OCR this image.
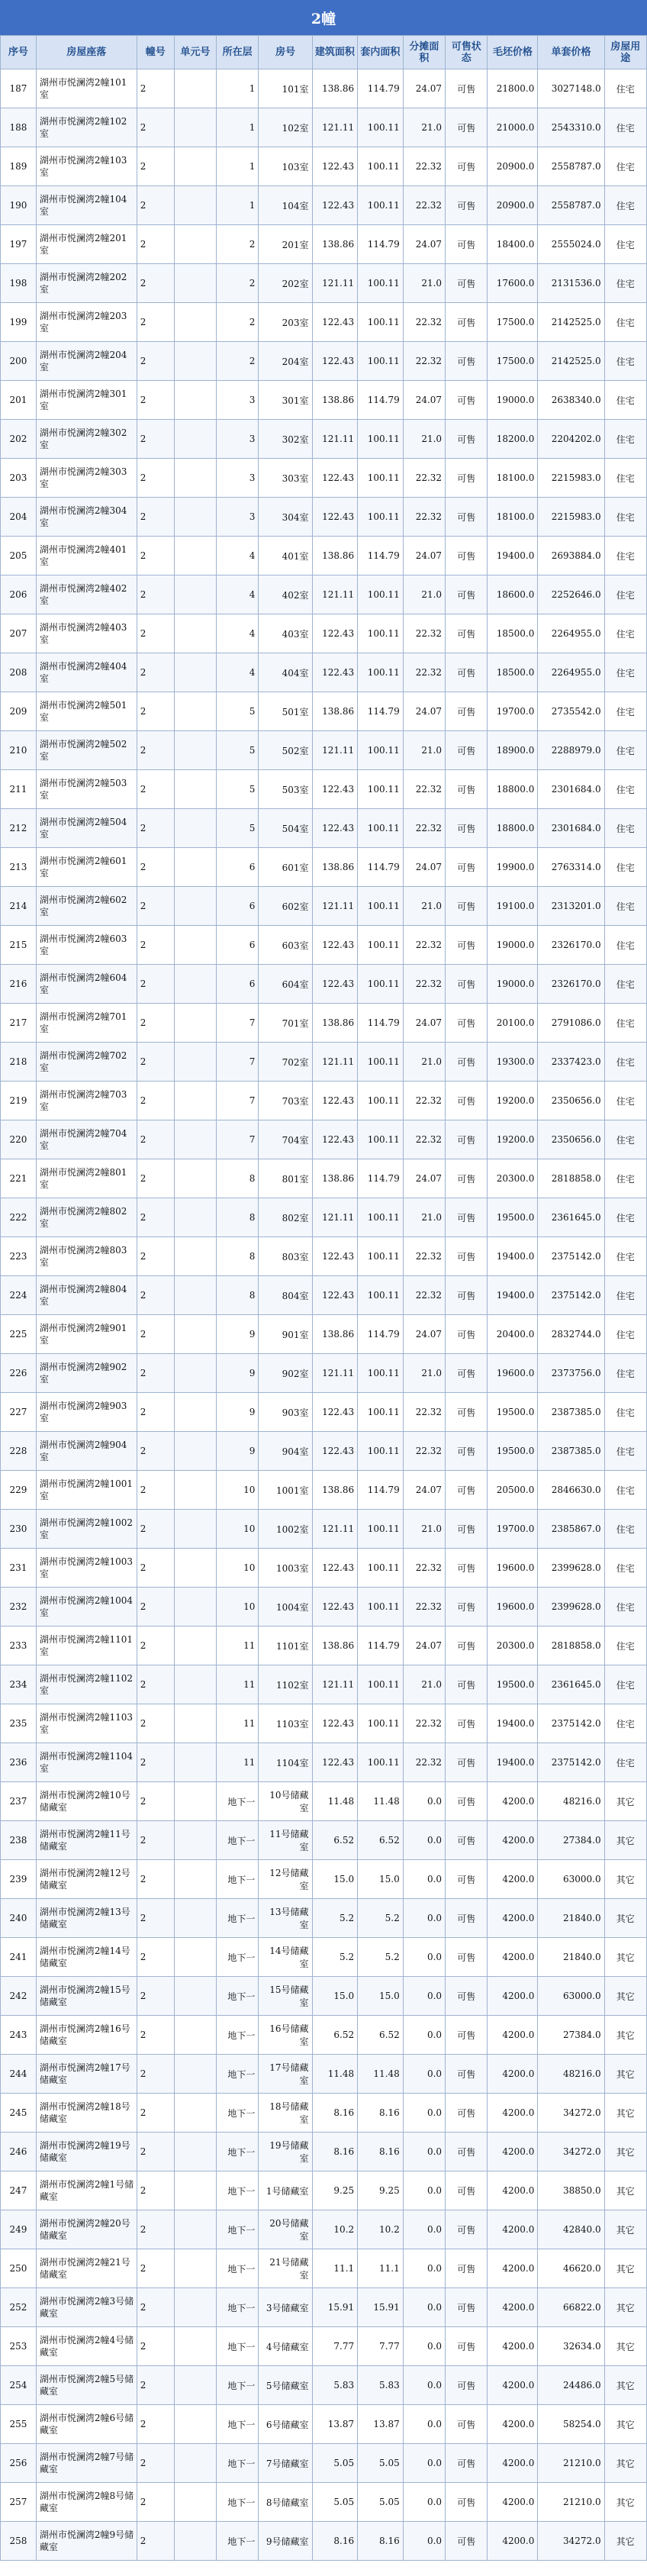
2幢
序号	房屋座落	幢号	单元号	所在层	房号	建筑面积	套内面积	分摊面积	可售状态	毛坯价格	单套价格	房屋用途
187	湖州市悦澜湾2幢101室	2		1	101室	138.86	114.79	24.07	可售	21800.0	3027148.0	住宅
188	湖州市悦澜湾2幢102室	2		1	102室	121.11	100.11	21.0	可售	21000.0	2543310.0	住宅
189	湖州市悦澜湾2幢103室	2		1	103室	122.43	100.11	22.32	可售	20900.0	2558787.0	住宅
190	湖州市悦澜湾2幢104室	2		1	104室	122.43	100.11	22.32	可售	20900.0	2558787.0	住宅
197	湖州市悦澜湾2幢201室	2		2	201室	138.86	114.79	24.07	可售	18400.0	2555024.0	住宅
198	湖州市悦澜湾2幢202室	2		2	202室	121.11	100.11	21.0	可售	17600.0	2131536.0	住宅
199	湖州市悦澜湾2幢203室	2		2	203室	122.43	100.11	22.32	可售	17500.0	2142525.0	住宅
200	湖州市悦澜湾2幢204室	2		2	204室	122.43	100.11	22.32	可售	17500.0	2142525.0	住宅
201	湖州市悦澜湾2幢301室	2		3	301室	138.86	114.79	24.07	可售	19000.0	2638340.0	住宅
202	湖州市悦澜湾2幢302室	2		3	302室	121.11	100.11	21.0	可售	18200.0	2204202.0	住宅
203	湖州市悦澜湾2幢303室	2		3	303室	122.43	100.11	22.32	可售	18100.0	2215983.0	住宅
204	湖州市悦澜湾2幢304室	2		3	304室	122.43	100.11	22.32	可售	18100.0	2215983.0	住宅
205	湖州市悦澜湾2幢401室	2		4	401室	138.86	114.79	24.07	可售	19400.0	2693884.0	住宅
206	湖州市悦澜湾2幢402室	2		4	402室	121.11	100.11	21.0	可售	18600.0	2252646.0	住宅
207	湖州市悦澜湾2幢403室	2		4	403室	122.43	100.11	22.32	可售	18500.0	2264955.0	住宅
208	湖州市悦澜湾2幢404室	2		4	404室	122.43	100.11	22.32	可售	18500.0	2264955.0	住宅
209	湖州市悦澜湾2幢501室	2		5	501室	138.86	114.79	24.07	可售	19700.0	2735542.0	住宅
210	湖州市悦澜湾2幢502室	2		5	502室	121.11	100.11	21.0	可售	18900.0	2288979.0	住宅
211	湖州市悦澜湾2幢503室	2		5	503室	122.43	100.11	22.32	可售	18800.0	2301684.0	住宅
212	湖州市悦澜湾2幢504室	2		5	504室	122.43	100.11	22.32	可售	18800.0	2301684.0	住宅
213	湖州市悦澜湾2幢601室	2		6	601室	138.86	114.79	24.07	可售	19900.0	2763314.0	住宅
214	湖州市悦澜湾2幢602室	2		6	602室	121.11	100.11	21.0	可售	19100.0	2313201.0	住宅
215	湖州市悦澜湾2幢603室	2		6	603室	122.43	100.11	22.32	可售	19000.0	2326170.0	住宅
216	湖州市悦澜湾2幢604室	2		6	604室	122.43	100.11	22.32	可售	19000.0	2326170.0	住宅
217	湖州市悦澜湾2幢701室	2		7	701室	138.86	114.79	24.07	可售	20100.0	2791086.0	住宅
218	湖州市悦澜湾2幢702室	2		7	702室	121.11	100.11	21.0	可售	19300.0	2337423.0	住宅
219	湖州市悦澜湾2幢703室	2		7	703室	122.43	100.11	22.32	可售	19200.0	2350656.0	住宅
220	湖州市悦澜湾2幢704室	2		7	704室	122.43	100.11	22.32	可售	19200.0	2350656.0	住宅
221	湖州市悦澜湾2幢801室	2		8	801室	138.86	114.79	24.07	可售	20300.0	2818858.0	住宅
222	湖州市悦澜湾2幢802室	2		8	802室	121.11	100.11	21.0	可售	19500.0	2361645.0	住宅
223	湖州市悦澜湾2幢803室	2		8	803室	122.43	100.11	22.32	可售	19400.0	2375142.0	住宅
224	湖州市悦澜湾2幢804室	2		8	804室	122.43	100.11	22.32	可售	19400.0	2375142.0	住宅
225	湖州市悦澜湾2幢901室	2		9	901室	138.86	114.79	24.07	可售	20400.0	2832744.0	住宅
226	湖州市悦澜湾2幢902室	2		9	902室	121.11	100.11	21.0	可售	19600.0	2373756.0	住宅
227	湖州市悦澜湾2幢903室	2		9	903室	122.43	100.11	22.32	可售	19500.0	2387385.0	住宅
228	湖州市悦澜湾2幢904室	2		9	904室	122.43	100.11	22.32	可售	19500.0	2387385.0	住宅
229	湖州市悦澜湾2幢1001室	2		10	1001室	138.86	114.79	24.07	可售	20500.0	2846630.0	住宅
230	湖州市悦澜湾2幢1002室	2		10	1002室	121.11	100.11	21.0	可售	19700.0	2385867.0	住宅
231	湖州市悦澜湾2幢1003室	2		10	1003室	122.43	100.11	22.32	可售	19600.0	2399628.0	住宅
232	湖州市悦澜湾2幢1004室	2		10	1004室	122.43	100.11	22.32	可售	19600.0	2399628.0	住宅
233	湖州市悦澜湾2幢1101室	2		11	1101室	138.86	114.79	24.07	可售	20300.0	2818858.0	住宅
234	湖州市悦澜湾2幢1102室	2		11	1102室	121.11	100.11	21.0	可售	19500.0	2361645.0	住宅
235	湖州市悦澜湾2幢1103室	2		11	1103室	122.43	100.11	22.32	可售	19400.0	2375142.0	住宅
236	湖州市悦澜湾2幢1104室	2		11	1104室	122.43	100.11	22.32	可售	19400.0	2375142.0	住宅
237	湖州市悦澜湾2幢10号储藏室	2		地下一	10号储藏室	11.48	11.48	0.0	可售	4200.0	48216.0	其它
238	湖州市悦澜湾2幢11号储藏室	2		地下一	11号储藏室	6.52	6.52	0.0	可售	4200.0	27384.0	其它
239	湖州市悦澜湾2幢12号储藏室	2		地下一	12号储藏室	15.0	15.0	0.0	可售	4200.0	63000.0	其它
240	湖州市悦澜湾2幢13号储藏室	2		地下一	13号储藏室	5.2	5.2	0.0	可售	4200.0	21840.0	其它
241	湖州市悦澜湾2幢14号储藏室	2		地下一	14号储藏室	5.2	5.2	0.0	可售	4200.0	21840.0	其它
242	湖州市悦澜湾2幢15号储藏室	2		地下一	15号储藏室	15.0	15.0	0.0	可售	4200.0	63000.0	其它
243	湖州市悦澜湾2幢16号储藏室	2		地下一	16号储藏室	6.52	6.52	0.0	可售	4200.0	27384.0	其它
244	湖州市悦澜湾2幢17号储藏室	2		地下一	17号储藏室	11.48	11.48	0.0	可售	4200.0	48216.0	其它
245	湖州市悦澜湾2幢18号储藏室	2		地下一	18号储藏室	8.16	8.16	0.0	可售	4200.0	34272.0	其它
246	湖州市悦澜湾2幢19号储藏室	2		地下一	19号储藏室	8.16	8.16	0.0	可售	4200.0	34272.0	其它
247	湖州市悦澜湾2幢1号储藏室	2		地下一	1号储藏室	9.25	9.25	0.0	可售	4200.0	38850.0	其它
249	湖州市悦澜湾2幢20号储藏室	2		地下一	20号储藏室	10.2	10.2	0.0	可售	4200.0	42840.0	其它
250	湖州市悦澜湾2幢21号储藏室	2		地下一	21号储藏室	11.1	11.1	0.0	可售	4200.0	46620.0	其它
252	湖州市悦澜湾2幢3号储藏室	2		地下一	3号储藏室	15.91	15.91	0.0	可售	4200.0	66822.0	其它
253	湖州市悦澜湾2幢4号储藏室	2		地下一	4号储藏室	7.77	7.77	0.0	可售	4200.0	32634.0	其它
254	湖州市悦澜湾2幢5号储藏室	2		地下一	5号储藏室	5.83	5.83	0.0	可售	4200.0	24486.0	其它
255	湖州市悦澜湾2幢6号储藏室	2		地下一	6号储藏室	13.87	13.87	0.0	可售	4200.0	58254.0	其它
256	湖州市悦澜湾2幢7号储藏室	2		地下一	7号储藏室	5.05	5.05	0.0	可售	4200.0	21210.0	其它
257	湖州市悦澜湾2幢8号储藏室	2		地下一	8号储藏室	5.05	5.05	0.0	可售	4200.0	21210.0	其它
258	湖州市悦澜湾2幢9号储藏室	2		地下一	9号储藏室	8.16	8.16	0.0	可售	4200.0	34272.0	其它
